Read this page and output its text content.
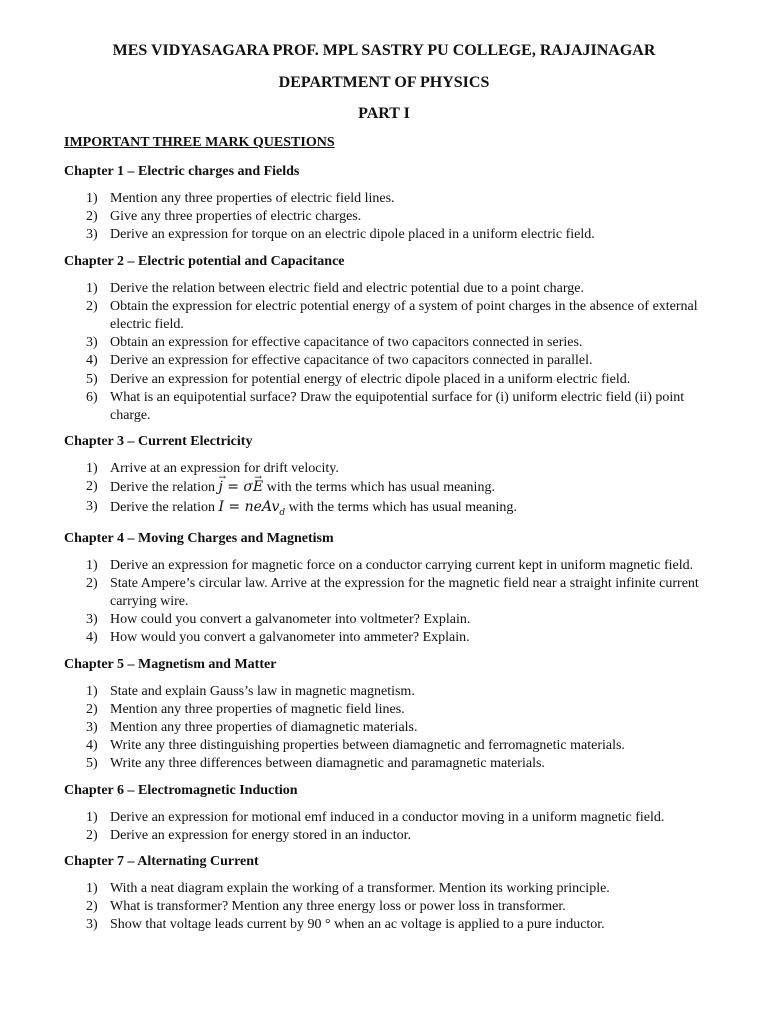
MES VIDYASAGARA PROF. MPL SASTRY PU COLLEGE, RAJAJINAGAR
DEPARTMENT OF PHYSICS
PART I
IMPORTANT THREE MARK QUESTIONS
Chapter 1 – Electric charges and Fields
1) Mention any three properties of electric field lines.
2) Give any three properties of electric charges.
3) Derive an expression for torque on an electric dipole placed in a uniform electric field.
Chapter 2 – Electric potential and Capacitance
1) Derive the relation between electric field and electric potential due to a point charge.
2) Obtain the expression for electric potential energy of a system of point charges in the absence of external electric field.
3) Obtain an expression for effective capacitance of two capacitors connected in series.
4) Derive an expression for effective capacitance of two capacitors connected in parallel.
5) Derive an expression for potential energy of electric dipole placed in a uniform electric field.
6) What is an equipotential surface? Draw the equipotential surface for (i) uniform electric field (ii) point charge.
Chapter 3 – Current Electricity
1) Arrive at an expression for drift velocity.
2) Derive the relation → j = σ→ E with the terms which has usual meaning.
3) Derive the relation I = neAv$_d$ with the terms which has usual meaning.
Chapter 4 – Moving Charges and Magnetism
1) Derive an expression for magnetic force on a conductor carrying current kept in uniform magnetic field.
2) State Ampere’s circular law. Arrive at the expression for the magnetic field near a straight infinite current carrying wire.
3) How could you convert a galvanometer into voltmeter? Explain.
4) How would you convert a galvanometer into ammeter? Explain.
Chapter 5 – Magnetism and Matter
1) State and explain Gauss’s law in magnetic magnetism.
2) Mention any three properties of magnetic field lines.
3) Mention any three properties of diamagnetic materials.
4) Write any three distinguishing properties between diamagnetic and ferromagnetic materials.
5) Write any three differences between diamagnetic and paramagnetic materials.
Chapter 6 – Electromagnetic Induction
1) Derive an expression for motional emf induced in a conductor moving in a uniform magnetic field.
2) Derive an expression for energy stored in an inductor.
Chapter 7 – Alternating Current
1) With a neat diagram explain the working of a transformer. Mention its working principle.
2) What is transformer? Mention any three energy loss or power loss in transformer.
3) Show that voltage leads current by 90 ° when an ac voltage is applied to a pure inductor.
